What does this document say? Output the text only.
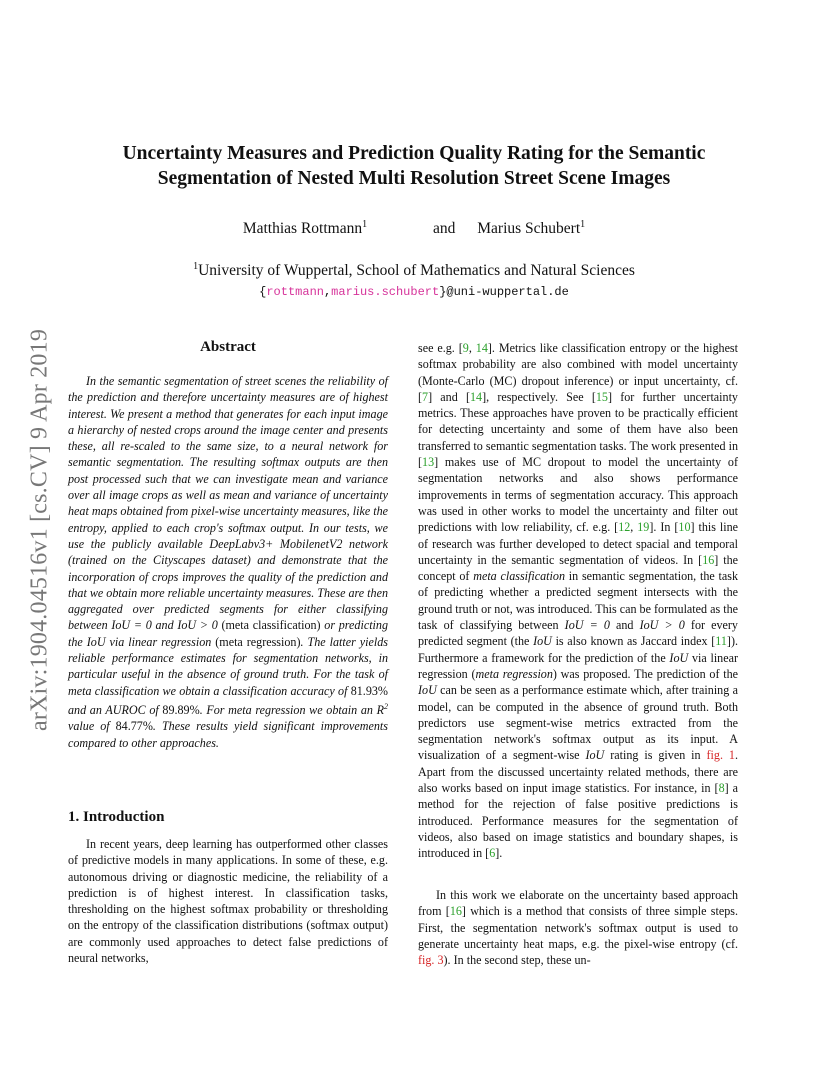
arXiv:1904.04516v1 [cs.CV] 9 Apr 2019
Uncertainty Measures and Prediction Quality Rating for the Semantic
Segmentation of Nested Multi Resolution Street Scene Images
Matthias Rottmann$^1$	and Marius Schubert$^1$
$^1$University of Wuppertal, School of Mathematics and Natural Sciences
{rottmann,marius.schubert}@uni-wuppertal.de
Abstract
In the semantic segmentation of street scenes the reliability of the prediction and therefore uncertainty measures are of highest interest. We present a method that generates for each input image a hierarchy of nested crops around the image center and presents these, all re-scaled to the same size, to a neural network for semantic segmentation. The resulting softmax outputs are then post processed such that we can investigate mean and variance over all image crops as well as mean and variance of uncertainty heat maps obtained from pixel-wise uncertainty measures, like the entropy, applied to each crop's softmax output. In our tests, we use the publicly available DeepLabv3+ MobilenetV2 network (trained on the Cityscapes dataset) and demonstrate that the incorporation of crops improves the quality of the prediction and that we obtain more reliable uncertainty measures. These are then aggregated over predicted segments for either classifying between IoU = 0 and IoU > 0 (meta classification) or predicting the IoU via linear regression (meta regression). The latter yields reliable performance estimates for segmentation networks, in particular useful in the absence of ground truth. For the task of meta classification we obtain a classification accuracy of 81.93% and an AUROC of 89.89%. For meta regression we obtain an $R^2$ value of 84.77%. These results yield significant improvements compared to other approaches.
1. Introduction
In recent years, deep learning has outperformed other classes of predictive models in many applications. In some of these, e.g. autonomous driving or diagnostic medicine, the reliability of a prediction is of highest interest. In classification tasks, thresholding on the highest softmax probability or thresholding on the entropy of the classification distributions (softmax output) are commonly used approaches to detect false predictions of neural networks,
see e.g. [9, 14]. Metrics like classification entropy or the highest softmax probability are also combined with model uncertainty (Monte-Carlo (MC) dropout inference) or input uncertainty, cf. [7] and [14], respectively. See [15] for further uncertainty metrics. These approaches have proven to be practically efficient for detecting uncertainty and some of them have also been transferred to semantic segmentation tasks. The work presented in [13] makes use of MC dropout to model the uncertainty of segmentation networks and also shows performance improvements in terms of segmentation accuracy. This approach was used in other works to model the uncertainty and filter out predictions with low reliability, cf. e.g. [12, 19]. In [10] this line of research was further developed to detect spacial and temporal uncertainty in the semantic segmentation of videos. In [16] the concept of meta classification in semantic segmentation, the task of predicting whether a predicted segment intersects with the ground truth or not, was introduced. This can be formulated as the task of classifying between IoU = 0 and IoU > 0 for every predicted segment (the IoU is also known as Jaccard index [11]). Furthermore a framework for the prediction of the IoU via linear regression (meta regression) was proposed. The prediction of the IoU can be seen as a performance estimate which, after training a model, can be computed in the absence of ground truth. Both predictors use segment-wise metrics extracted from the segmentation network's softmax output as its input. A visualization of a segment-wise IoU rating is given in fig. 1. Apart from the discussed uncertainty related methods, there are also works based on input image statistics. For instance, in [8] a method for the rejection of false positive predictions is introduced. Performance measures for the segmentation of videos, also based on image statistics and boundary shapes, is introduced in [6].
In this work we elaborate on the uncertainty based approach from [16] which is a method that consists of three simple steps. First, the segmentation network's softmax output is used to generate uncertainty heat maps, e.g. the pixel-wise entropy (cf. fig. 3). In the second step, these un-
